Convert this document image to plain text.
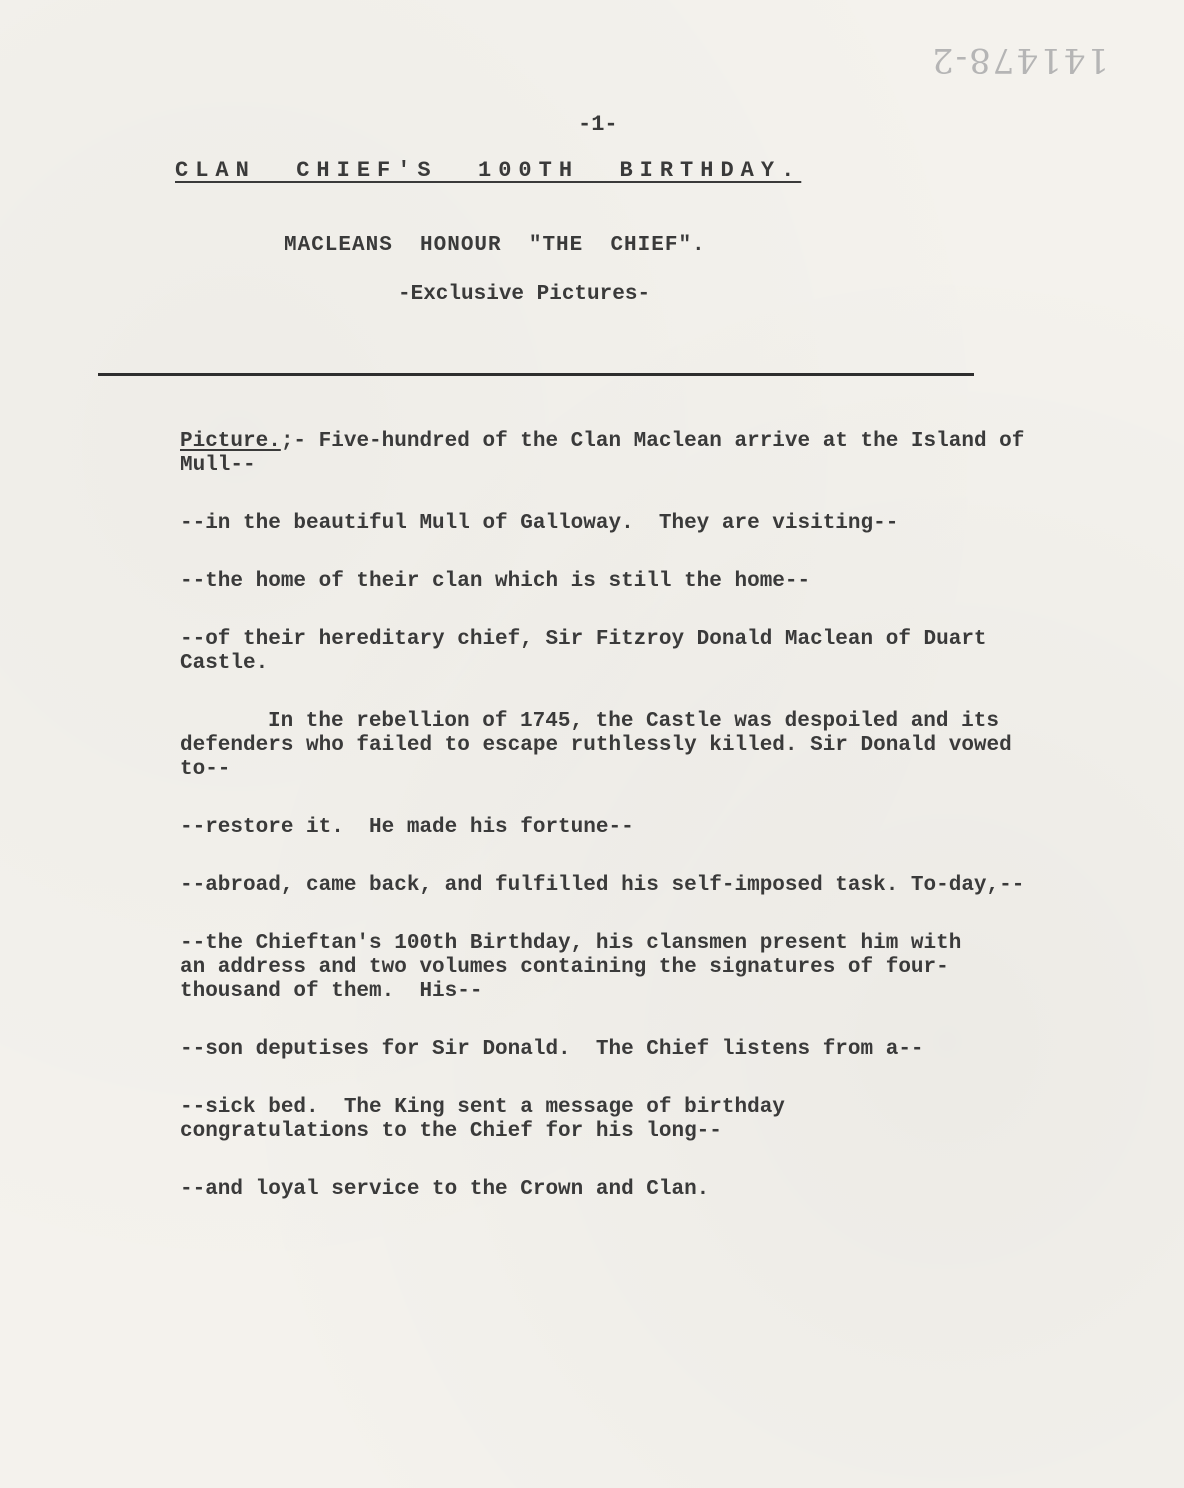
141478-2
-1-
CLAN  CHIEF'S  100TH  BIRTHDAY.
MACLEANS  HONOUR  "THE  CHIEF".
-Exclusive Pictures-

Picture.;- Five-hundred of the Clan Maclean arrive at the Island of Mull--

--in the beautiful Mull of Galloway.  They are visiting--

--the home of their clan which is still the home--

--of their hereditary chief, Sir Fitzroy Donald Maclean of Duart Castle.

In the rebellion of 1745, the Castle was despoiled and its defenders who failed to escape ruthlessly killed. Sir Donald vowed to--

--restore it.  He made his fortune--

--abroad, came back, and fulfilled his self-imposed task. To-day,--

--the Chieftan's 100th Birthday, his clansmen present him with an address and two volumes containing the signatures of four-thousand of them.  His--

--son deputises for Sir Donald.  The Chief listens from a--

--sick bed.  The King sent a message of birthday congratulations to the Chief for his long--

--and loyal service to the Crown and Clan.
